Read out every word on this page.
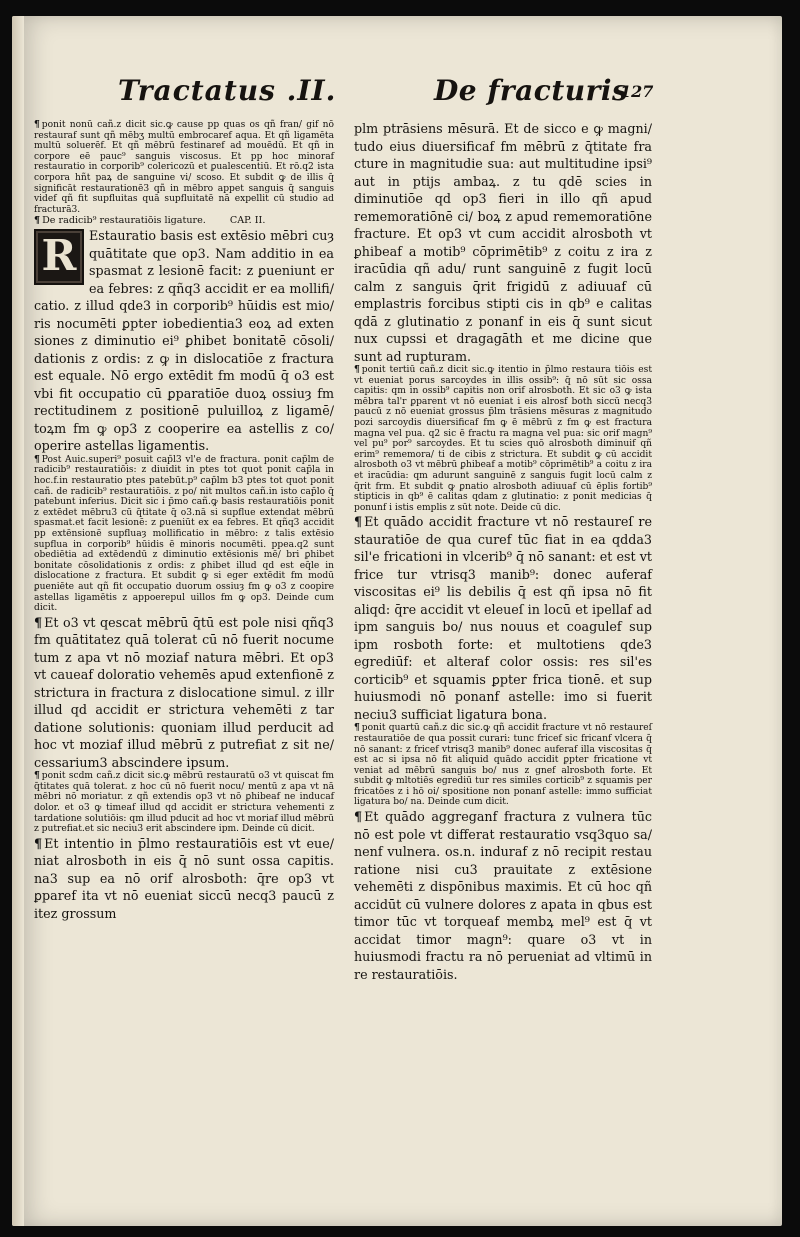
Tractatus .II.	De fracturis
127

¶ ponit nonū cañ.z dicit sic.ꝙ cause pp quas os qñ fran/ gif nō restauraf sunt qñ mēbʒ multū embrocaref aqua. Et qñ ligamēta multū soluerēf. Et qñ mēbrū festinaref ad mouēdū. Et qñ in corpore eē pauc⁹ sanguis viscosus. Et pp hoc minoraf restauratio in corporib⁹ colericozū et ꝑualescentiū. Et rō.q2 ista corpora hñt paꝝ de sanguine vi/ scoso. Et subdit ꝙ de illis q̄ significāt restaurationē3 qñ in mēbro appet sanguis q̄ sanguis videf qñ fit supfluitas quā supfluitatē nā expellit cū studio ad fracturā3.

¶ De radicib⁹ restauratiōis ligature.	CAP. II.

R Estauratio basis est extēsio mēbri cuȝ quātitate que op3. Nam additio in ea spasmat z lesionē facit: z ꝑueniunt er ea febres: z qñq3 accidit er ea mollifi/ catio. z illud qde3 in corporib⁹ hūidis est mio/ ris nocumēti ꝑpter iobedientia3 eoꝝ ad exten siones z diminutio ei⁹ ꝑhibet bonitatē cōsoli/ dationis z ordis: z ꝙ in dislocatiōe z fractura est equale. Nō ergo extēdit fm modū q̄ o3 est vbi fit occupatio cū ꝑparatiōe duoꝝ ossiuȝ fm rectitudinem z positionē puluilloꝝ z ligamē/ toꝝm fm ꝙ op3 z cooperire ea astellis z co/ operire astellas ligamentis.

¶ Post Auic.superi⁹ posuit cap̄l3 vl'e de fractura. ponit cap̄lm de radicib⁹ restauratiōis: z diuidit in ptes tot quot ponit cap̄la in hoc.f.in restauratio ptes patebūt.p⁹ cap̄lm b3 ptes tot quot ponit cañ. de radicib⁹ restauratiōis. z po/ nit multos cañ.in isto cap̄lo q̄ patebunt inferius. Dicit sic i p̄mo cañ.ꝙ basis restauratiōis ponit z extēdet mēbru3 cū q̄titate q̄ o3.nā si supflue extendat mēbrū spasmat.et facit lesionē: z ꝑueniūt ex ea febres. Et qñq3 accidit pp extēnsionē supfluaȝ mollificatio in mēbro: z talis extēsio supflua in corporib⁹ hūidis ē minoris nocumēti. ppea.q2 sunt obediētia ad extēdendū z diminutio extēsionis mē/ bri ꝑhibet bonitate cōsolidationis z ordis: z ꝑhibet illud qd est eq̄le in dislocatione z fractura. Et subdit ꝙ si eger extēdit fm modū ꝑueniēte aut qñ fit occupatio duorum ossiuȝ fm ꝙ o3 z coopire astellas ligamētis z appoerepul uillos fm ꝙ op3. Deinde cum dicit.

¶ Et o3 vt qescat mēbrū q̄tū est pole nisi qñq3 fm quātitatez quā tolerat cū nō fuerit nocume tum z apa vt nō moziaf natura mēbri. Et op3 vt caueaf doloratio vehemēs apud extenfionē z strictura in fractura z dislocatione simul. z illr illud qd accidit er strictura vehemēti z tar datione solutionis: quoniam illud perducit ad hoc vt moziaf illud mēbrū z putrefiat z sit ne/ cessarium3 abscindere ipsum.

¶ ponit scdm cañ.z dicit sic.ꝙ mēbrū restauratū o3 vt quiscat fm q̄titates quā tolerat. z hoc cū nō fuerit nocu/ mentū z apa vt nā mēbri nō moriatur. z qñ extendis op3 vt nō ꝑhibeaf ne inducaf dolor. et o3 ꝙ timeaf illud qd accidit er strictura vehementi z tardatione solutiōis: qm illud pducit ad hoc vt moriaf illud mēbrū z putrefiat.et sic neciu3 erit abscindere ipm. Deinde cū dicit.

¶ Et intentio in p̄lmo restauratiōis est vt eue/ niat alrosboth in eis q̄ nō sunt ossa capitis. na3 sup ea nō orif alrosboth: q̄re op3 vt ꝑparef ita vt nō eueniat siccū necq3 paucū z itez grossum

plm ptrāsiens mēsurā. Et de sicco e ꝙ magni/ tudo eius diuersificaf fm mēbrū z q̄titate fra cture in magnitudie sua: aut multitudine ipsi⁹ aut in ptijs ambaꝝ. z tu qdē scies in diminutiōe qd op3 fieri in illo qñ apud rememoratiōnē ci/ boꝝ z apud rememoratiōne fracture. Et op3 vt cum accidit alrosboth vt ꝑhibeaf a motib⁹ cōprimētib⁹ z coitu z ira z iracūdia qñ adu/ runt sanguinē z fugit locū calm z sanguis q̄rit frigidū z adiuuaf cū emplastris forcibus stipti cis in qb⁹ e calitas qdā z glutinatio z ponanf in eis q̄ sunt sicut nux cupssi et dragagāth et me dicine que sunt ad rupturam.

¶ ponit tertiū cañ.z dicit sic.ꝙ itentio in p̄lmo restaura tiōis est vt eueniat porus sarcoydes in illis ossib⁹: q̄ nō sūt sic ossa capitis: qm in ossib⁹ capitis non orif alrosboth. Et sic o3 ꝙ ista mēbra tal'r ꝑparent vt nō eueniat i eis alrosf both siccū necq3 paucū z nō eueniat grossus p̄lm trāsiens mēsuras z magnitudo pozi sarcoydis diuersificaf fm ꝙ ē mēbrū z fm ꝙ est fractura magna vel pua. q2 sic ē fractu ra magna vel pua: sic orif magn⁹ vel pu⁹ por⁹ sarcoydes. Et tu scies quō alrosboth diminuif qñ erim⁹ rememora/ ti de cibis z strictura. Et subdit ꝙ cū accidit alrosboth o3 vt mēbrū ꝑhibeaf a motib⁹ cōprimētib⁹ a coitu z ira et iracūdia: qm adurunt sanguinē z sanguis fugit locū calm z q̄rit frm. Et subdit ꝙ ꝑnatio alrosboth adiuuaf cū ēplis fortib⁹ stipticis in qb⁹ ē calitas qdam z glutinatio: z ponit medicias q̄ ponunf i istis emplis z sūt note. Deide cū dic.

¶ Et quādo accidit fracture vt nō restaureſ re stauratiōe de qua curef tūc fiat in ea qdda3 sil'e fricationi in vlcerib⁹ q̄ nō sanant: et est vt frice tur vtrisq3 manib⁹: donec auferaf viscositas ei⁹ lis debilis q̄ est qñ ipsa nō fit aliqd: q̄re accidit vt eleueſ in locū et ipellaf ad ipm sanguis bo/ nus nouus et coagulef sup ipm rosboth forte: et multotiens qde3 egrediūf: et alteraf color ossis: res sil'es corticib⁹ et squamis ꝑpter frica tionē. et sup huiusmodi nō ponanf astelle: imo si fuerit neciu3 sufficiat ligatura bona.

¶ ponit quartū cañ.z dic sic.ꝙ qñ accidit fracture vt nō restaureſ restauratiōe de qua possit curari: tunc fricef sic fricanf vlcera q̄ nō sanant: z fricef vtrisq3 manib⁹ donec auferaf illa viscositas q̄ est ac si ipsa nō fit aliquid quādo accidit ꝑpter fricatione vt veniat ad mēbrū sanguis bo/ nus z gnef alrosboth forte. Et subdit ꝙ mltotiēs egrediū tur res similes corticib⁹ z squamis per fricatōes z i hō oi/ spositione non ponanf astelle: immo sufficiat ligatura bo/ na. Deinde cum dicit.

¶ Et quādo aggreganf fractura z vulnera tūc nō est pole vt differat restauratio vsq3quo sa/ nenf vulnera. os.n. induraf z nō recipit restau ratione nisi cu3 prauitate z extēsione vehemēti z dispōnibus maximis. Et cū hoc qñ accidūt cū vulnere dolores z apata in qbus est timor tūc vt torqueaf membꝝ mel⁹ est q̄ vt accidat timor magn⁹: quare o3 vt in huiusmodi fractu ra nō perueniat ad vltimū in re restauratiōis.
